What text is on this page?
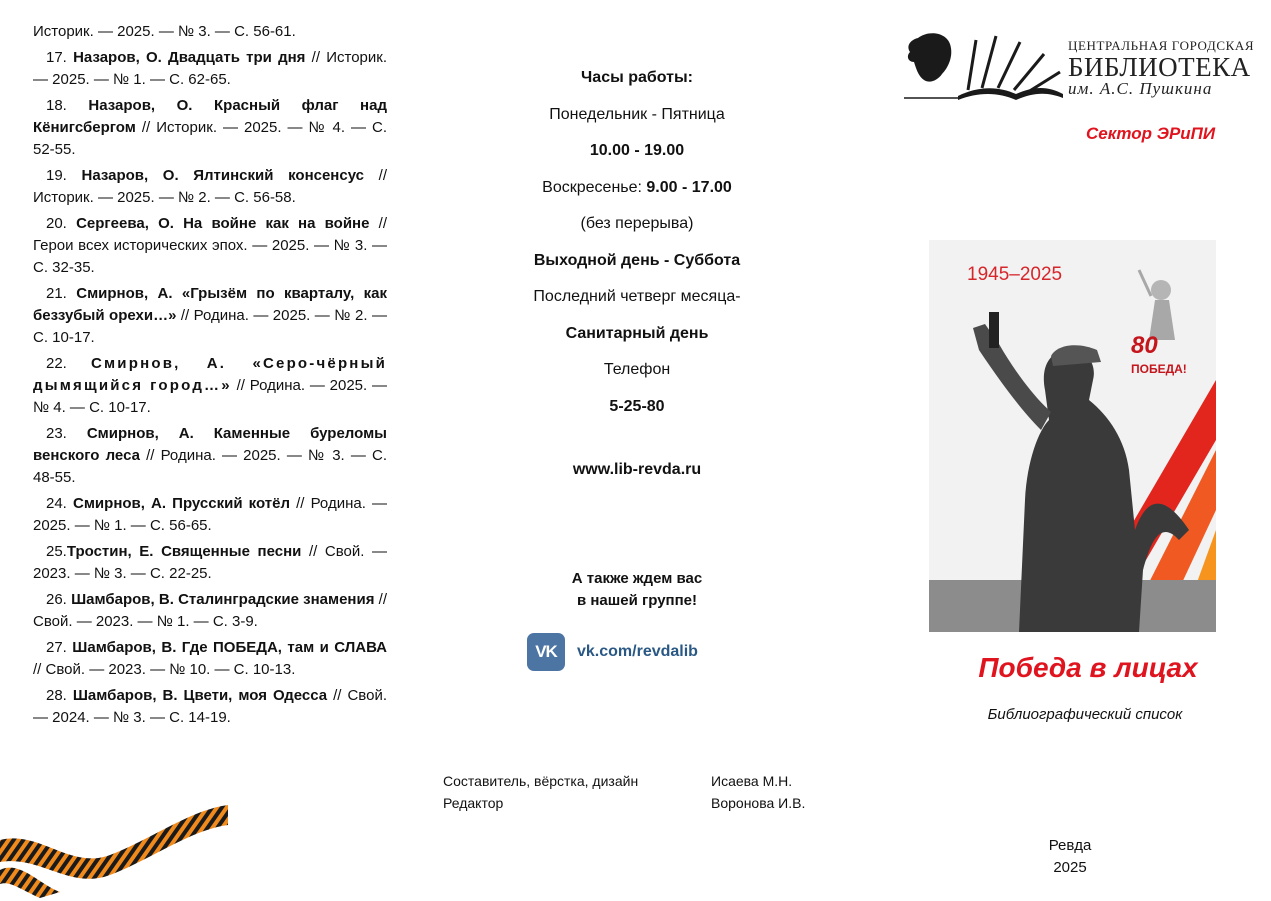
Историк. — 2025. — № 3. — С. 56-61.
17. Назаров, О. Двадцать три дня // Историк. — 2025. — № 1. — С. 62-65.
18. Назаров, О. Красный флаг над Кёнигсбергом // Историк. — 2025. — № 4. — С. 52-55.
19. Назаров, О. Ялтинский консенсус // Историк. — 2025. — № 2. — С. 56-58.
20. Сергеева, О. На войне как на войне // Герои всех исторических эпох. — 2025. — № 3. — С. 32-35.
21. Смирнов, А. «Грызём по кварталу, как беззубый орехи…» // Родина. — 2025. — № 2. — С. 10-17.
22. Смирнов, А. «Серо-чёрный дымящийся город…» // Родина. — 2025. — № 4. — С. 10-17.
23. Смирнов, А. Каменные буреломы венского леса // Родина. — 2025. — № 3. — С. 48-55.
24. Смирнов, А. Прусский котёл // Родина. — 2025. — № 1. — С. 56-65.
25.Тростин, Е. Священные песни // Свой. — 2023. — № 3. — С. 22-25.
26. Шамбаров, В. Сталинградские знамения // Свой. — 2023. — № 1. — С. 3-9.
27. Шамбаров, В. Где ПОБЕДА, там и СЛАВА // Свой. — 2023. — № 10. — С. 10-13.
28. Шамбаров, В. Цвети, моя Одесса // Свой. — 2024. — № 3. — С. 14-19.
Часы работы:
Понедельник - Пятница
10.00 - 19.00
Воскресенье: 9.00 - 17.00
(без перерыва)
Выходной день - Суббота
Последний четверг месяца-
Санитарный день
Телефон
5-25-80
www.lib-revda.ru
А также ждем вас
в нашей группе!
VK	vk.com/revdalib
Составитель, вёрстка, дизайн
Редактор
Исаева М.Н.
Воронова И.В.
ЦЕНТРАЛЬНАЯ ГОРОДСКАЯ
БИБЛИОТЕКА
им. А.С. Пушкина
Сектор ЭРиПИ
1945–2025
80
ПОБЕДА!
Победа в лицах
Библиографический список
Ревда
2025
